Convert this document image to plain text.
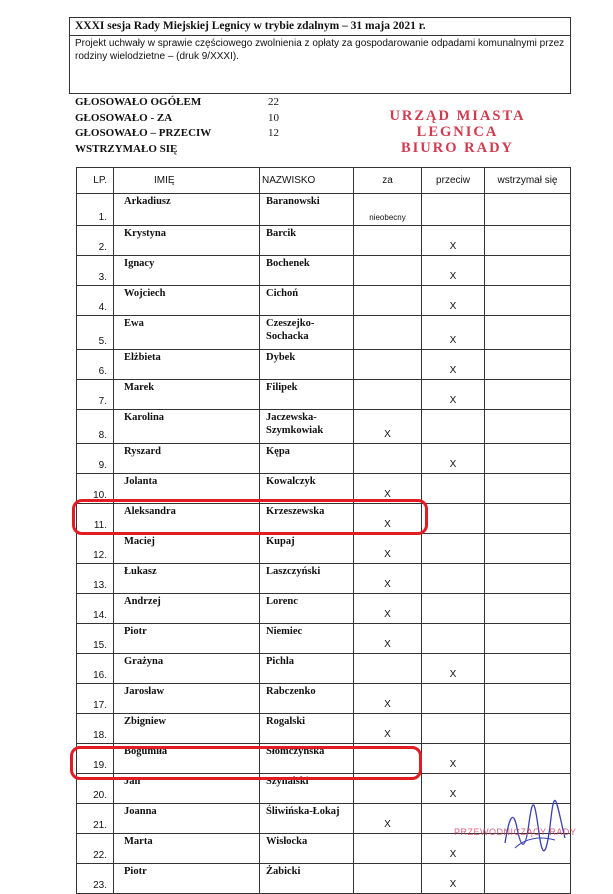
XXXI sesja Rady Miejskiej Legnicy w trybie zdalnym – 31 maja 2021 r.
Projekt uchwały w sprawie częściowego zwolnienia z opłaty za gospodarowanie odpadami komunalnymi przez rodziny wielodzietne – (druk 9/XXXI).
GŁOSOWAŁO OGÓŁEM	22
GŁOSOWAŁO - ZA	10
GŁOSOWAŁO – PRZECIW	12
WSTRZYMAŁO SIĘ
URZĄD MIASTA
LEGNICA
BIURO RADY
LP.	IMIĘ	NAZWISKO	za	przeciw	wstrzymał się
1.	Arkadiusz	Baranowski	nieobecny		
2.	Krystyna	Barcik		X	
3.	Ignacy	Bochenek		X	
4.	Wojciech	Cichoń		X	
5.	Ewa	Czeszejko-Sochacka		X	
6.	Elżbieta	Dybek		X	
7.	Marek	Filipek		X	
8.	Karolina	Jaczewska-Szymkowiak	X		
9.	Ryszard	Kępa		X	
10.	Jolanta	Kowalczyk	X		
11.	Aleksandra	Krzeszewska	X		
12.	Maciej	Kupaj	X		
13.	Łukasz	Laszczyński	X		
14.	Andrzej	Lorenc	X		
15.	Piotr	Niemiec	X		
16.	Grażyna	Pichla		X	
17.	Jarosław	Rabczenko	X		
18.	Zbigniew	Rogalski	X		
19.	Bogumiła	Słomczyńska		X	
20.	Jan	Szynalski		X	
21.	Joanna	Śliwińska-Łokaj	X		
22.	Marta	Wisłocka		X	
23.	Piotr	Żabicki		X	
PRZEWODNICZĄCY RADY
